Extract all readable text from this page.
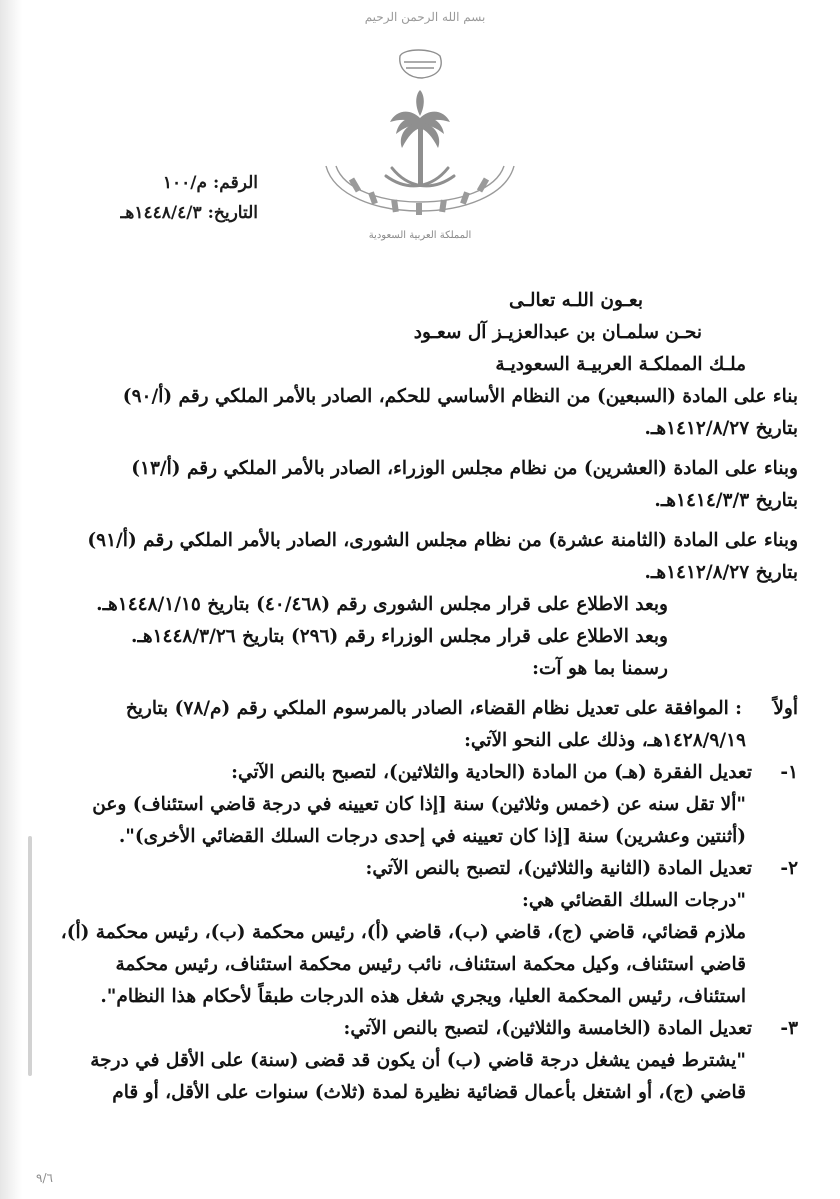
بسم الله الرحمن الرحيم
المملكة العربية السعودية
الرقم:
م/١٠٠
التاريخ:
١٤٤٨/٤/٣هـ
بعـون اللـه تعالـى
نحـن سلمـان بن عبدالعزيـز آل سعـود
ملـك المملكـة العربيـة السعوديـة
بناء على المادة (السبعين) من النظام الأساسي للحكم، الصادر بالأمر الملكي رقم (أ/٩٠)
بتاريخ ١٤١٢/٨/٢٧هـ.
وبناء على المادة (العشرين) من نظام مجلس الوزراء، الصادر بالأمر الملكي رقم (أ/١٣)
بتاريخ ١٤١٤/٣/٣هـ.
وبناء على المادة (الثامنة عشرة) من نظام مجلس الشورى، الصادر بالأمر الملكي رقم (أ/٩١)
بتاريخ ١٤١٢/٨/٢٧هـ.
وبعد الاطلاع على قرار مجلس الشورى رقم (٤٠/٤٦٨) بتاريخ ١٤٤٨/١/١٥هـ.
وبعد الاطلاع على قرار مجلس الوزراء رقم (٢٩٦) بتاريخ ١٤٤٨/٣/٢٦هـ.
رسمنا بما هو آت:
أولاً
: الموافقة على تعديل نظام القضاء، الصادر بالمرسوم الملكي رقم (م/٧٨) بتاريخ
١٤٢٨/٩/١٩هـ، وذلك على النحو الآتي:
١-
تعديل الفقرة (هـ) من المادة (الحادية والثلاثين)، لتصبح بالنص الآتي:
"ألا تقل سنه عن (خمس وثلاثين) سنة [إذا كان تعيينه في درجة قاضي استئناف) وعن
(أثنتين وعشرين) سنة [إذا كان تعيينه في إحدى درجات السلك القضائي الأخرى)".
٢-
تعديل المادة (الثانية والثلاثين)، لتصبح بالنص الآتي:
"درجات السلك القضائي هي:
ملازم قضائي، قاضي (ج)، قاضي (ب)، قاضي (أ)، رئيس محكمة (ب)، رئيس محكمة (أ)،
قاضي استئناف، وكيل محكمة استئناف، نائب رئيس محكمة استئناف، رئيس محكمة
استئناف، رئيس المحكمة العليا، ويجري شغل هذه الدرجات طبقاً لأحكام هذا النظام".
٣-
تعديل المادة (الخامسة والثلاثين)، لتصبح بالنص الآتي:
"يشترط فيمن يشغل درجة قاضي (ب) أن يكون قد قضى (سنة) على الأقل في درجة
قاضي (ج)، أو اشتغل بأعمال قضائية نظيرة لمدة (ثلاث) سنوات على الأقل، أو قام
٩/٦
